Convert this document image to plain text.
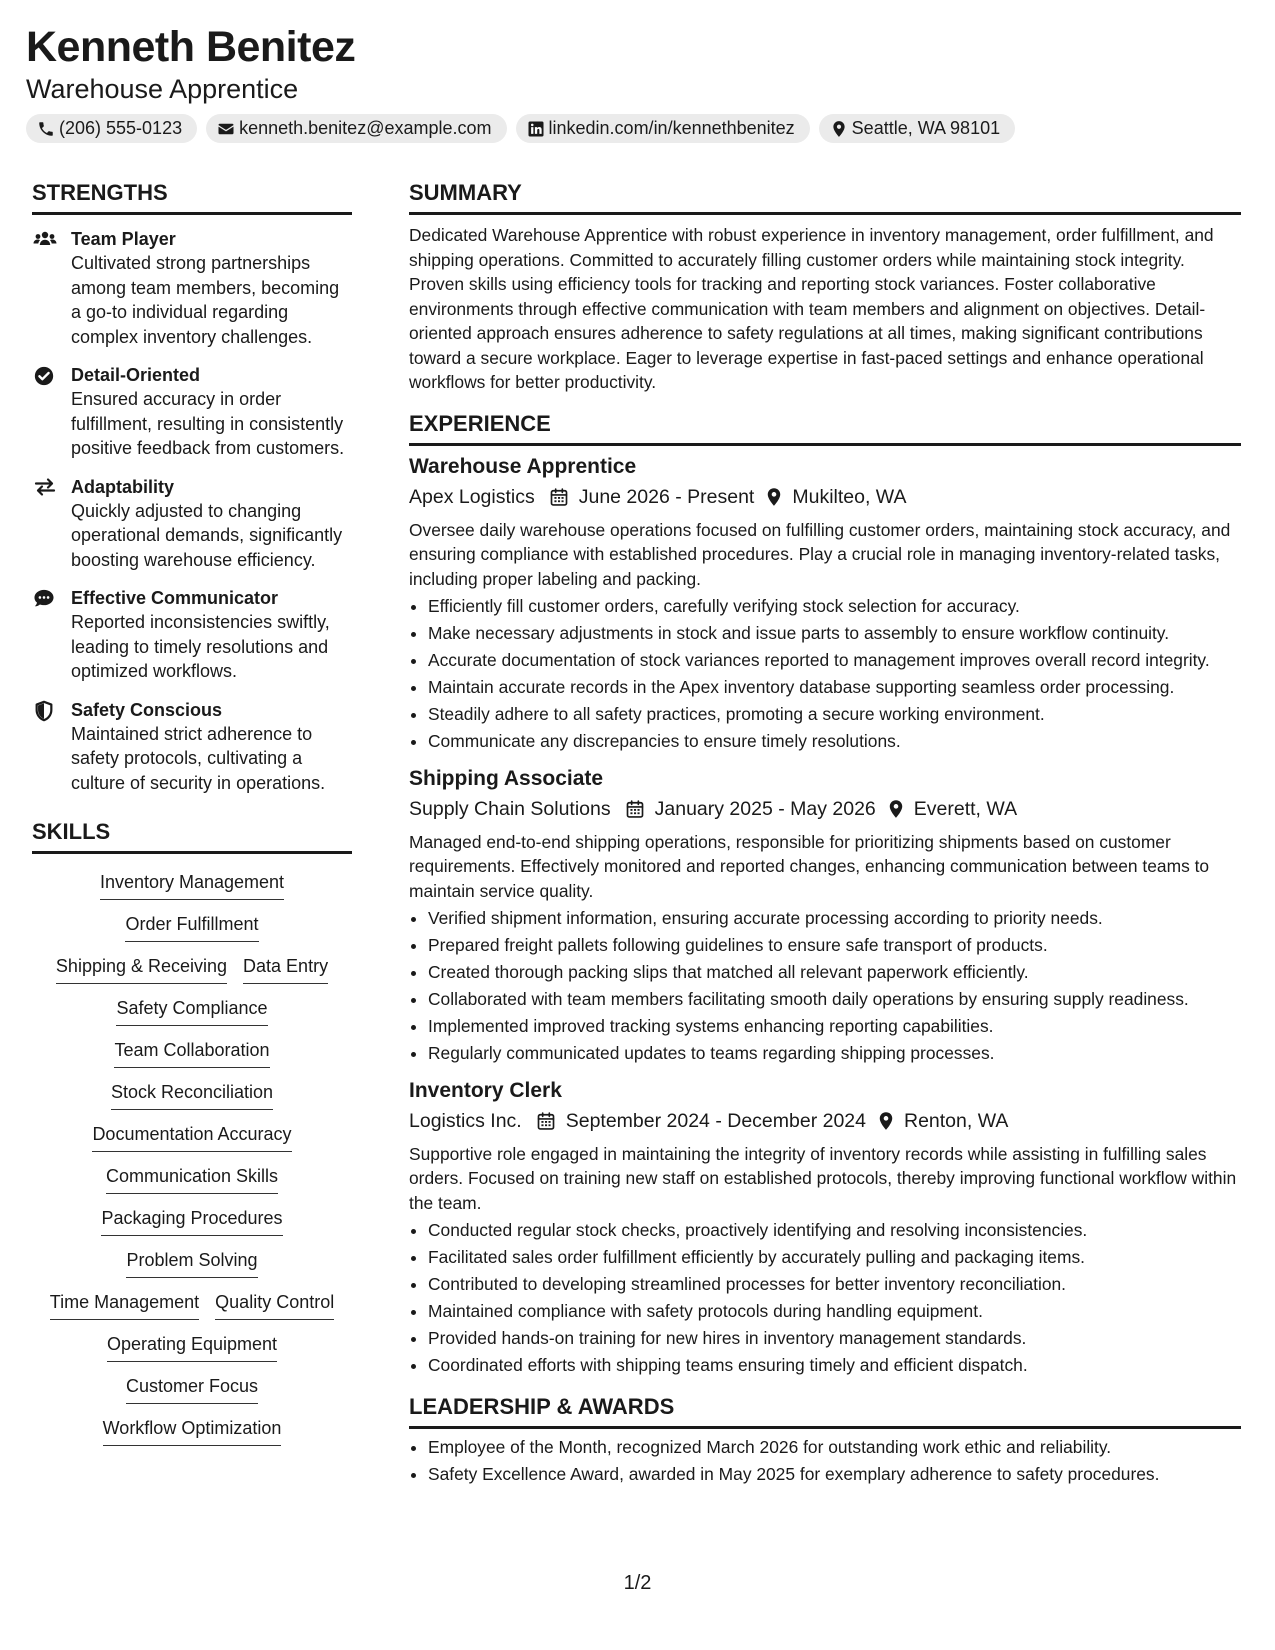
Kenneth Benitez
Warehouse Apprentice
(206) 555-0123	kenneth.benitez@example.com	linkedin.com/in/kennethbenitez	Seattle, WA 98101
STRENGTHS
Team Player
Cultivated strong partnerships among team members, becoming a go-to individual regarding complex inventory challenges.
Detail-Oriented
Ensured accuracy in order fulfillment, resulting in consistently positive feedback from customers.
Adaptability
Quickly adjusted to changing operational demands, significantly boosting warehouse efficiency.
Effective Communicator
Reported inconsistencies swiftly, leading to timely resolutions and optimized workflows.
Safety Conscious
Maintained strict adherence to safety protocols, cultivating a culture of security in operations.
SKILLS
Inventory Management
Order Fulfillment
Shipping & Receiving Data Entry
Safety Compliance
Team Collaboration
Stock Reconciliation
Documentation Accuracy
Communication Skills
Packaging Procedures
Problem Solving
Time Management Quality Control
Operating Equipment
Customer Focus
Workflow Optimization
SUMMARY

Dedicated Warehouse Apprentice with robust experience in inventory management, order fulfillment, and shipping operations. Committed to accurately filling customer orders while maintaining stock integrity. Proven skills using efficiency tools for tracking and reporting stock variances. Foster collaborative environments through effective communication with team members and alignment on objectives. Detail-oriented approach ensures adherence to safety regulations at all times, making significant contributions toward a secure workplace. Eager to leverage expertise in fast-paced settings and enhance operational workflows for better productivity.

EXPERIENCE
Warehouse Apprentice
Apex Logistics June 2026 - Present Mukilteo, WA

Oversee daily warehouse operations focused on fulfilling customer orders, maintaining stock accuracy, and ensuring compliance with established procedures. Play a crucial role in managing inventory-related tasks, including proper labeling and packing.

• Efficiently fill customer orders, carefully verifying stock selection for accuracy.
• Make necessary adjustments in stock and issue parts to assembly to ensure workflow continuity.
• Accurate documentation of stock variances reported to management improves overall record integrity.
• Maintain accurate records in the Apex inventory database supporting seamless order processing.
• Steadily adhere to all safety practices, promoting a secure working environment.
• Communicate any discrepancies to ensure timely resolutions.
Shipping Associate
Supply Chain Solutions January 2025 - May 2026 Everett, WA

Managed end-to-end shipping operations, responsible for prioritizing shipments based on customer requirements. Effectively monitored and reported changes, enhancing communication between teams to maintain service quality.

• Verified shipment information, ensuring accurate processing according to priority needs.
• Prepared freight pallets following guidelines to ensure safe transport of products.
• Created thorough packing slips that matched all relevant paperwork efficiently.
• Collaborated with team members facilitating smooth daily operations by ensuring supply readiness.
• Implemented improved tracking systems enhancing reporting capabilities.
• Regularly communicated updates to teams regarding shipping processes.
Inventory Clerk
Logistics Inc. September 2024 - December 2024 Renton, WA

Supportive role engaged in maintaining the integrity of inventory records while assisting in fulfilling sales orders. Focused on training new staff on established protocols, thereby improving functional workflow within the team.

• Conducted regular stock checks, proactively identifying and resolving inconsistencies.
• Facilitated sales order fulfillment efficiently by accurately pulling and packaging items.
• Contributed to developing streamlined processes for better inventory reconciliation.
• Maintained compliance with safety protocols during handling equipment.
• Provided hands-on training for new hires in inventory management standards.
• Coordinated efforts with shipping teams ensuring timely and efficient dispatch.
LEADERSHIP & AWARDS
• Employee of the Month, recognized March 2026 for outstanding work ethic and reliability.
• Safety Excellence Award, awarded in May 2025 for exemplary adherence to safety procedures.
1/2
